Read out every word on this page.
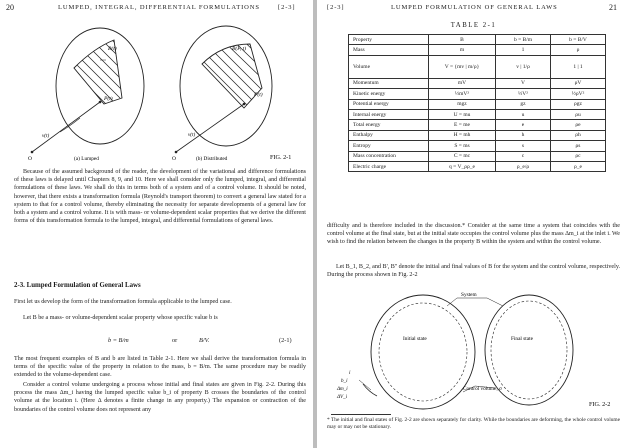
20	LUMPED, INTEGRAL, DIFFERENTIAL FORMULATIONS	[2-3]
B(t)
P(t)
v(t)
O
B(P, t)
P(t)
v(t)
O
(a) Lumped	(b) Distributed	FIG. 2-1

Because of the assumed background of the reader, the development of the variational and difference formulations of these laws is delayed until Chapters 8, 9, and 10. Here we shall consider only the lumped, integral, and differential formulations of these laws. We shall do this in terms both of a system and of a control volume. It should be noted, however, that there exists a transformation formula (Reynold's transport theorem) to convert a general law stated for a system to that for a control volume, thereby eliminating the necessity for separate developments of a general law for both a system and a control volume. It is with mass- or volume-dependent scalar properties that we derive the different forms of this transformation formula to the lumped, integral, and differential formulations of general laws.

2-3. Lumped Formulation of General Laws

First let us develop the form of the transformation formula applicable to the lumped case.

Let B be a mass- or volume-dependent scalar property whose specific value b is

b = B/m	or	B/V.	(2-1)

The most frequent examples of B and b are listed in Table 2-1. Here we shall derive the transformation formula in terms of the specific value of the property in relation to the mass, b = B/m. The same procedure may be readily extended to the volume-dependent case.

Consider a control volume undergoing a process whose initial and final states are given in Fig. 2-2. During this process the mass Δm_i having the lumped specific value b_i of property B crosses the boundaries of the control volume at the location i. (Here Δ denotes a finite change in any property.) The expansion or contraction of the boundaries of the control volume does not represent any

[2-3]	LUMPED FORMULATION OF GENERAL LAWS	21
TABLE 2-1
Property	B	b = B/m	b = B/V
Mass	m	1	ρ
Volume	V = {mv | m/ρ}	v | 1/ρ	1 | 1
Momentum	mV	V	ρV
Kinetic energy	½mV²	½V²	½ρV²
Potential energy	mgz	gz	ρgz
Internal energy	U = mu	u	ρu
Total energy	E = me	e	ρe
Enthalpy	H = mh	h	ρh
Entropy	S = ms	s	ρs
Mass concentration	C = mc	c	ρc
Electric charge	q = V_ρρ_e	ρ_e/ρ	ρ_e

difficulty and is therefore included in the discussion.* Consider at the same time a system that coincides with the control volume at the final state, but at the initial state occupies the control volume plus the mass Δm_i at the inlet i. We wish to find the relation between the changes in the property B within the system and within the control volume.

Let B_1, B_2, and B', B'' denote the initial and final values of B for the system and the control volume, respectively. During the process shown in Fig. 2-2

System
Initial state	Final state
Control volume, σ
i
b_i
Δm_i
ΔV_i
FIG. 2-2

* The initial and final states of Fig. 2-2 are shown separately for clarity. While the boundaries are deforming, the whole control volume may or may not be stationary.
